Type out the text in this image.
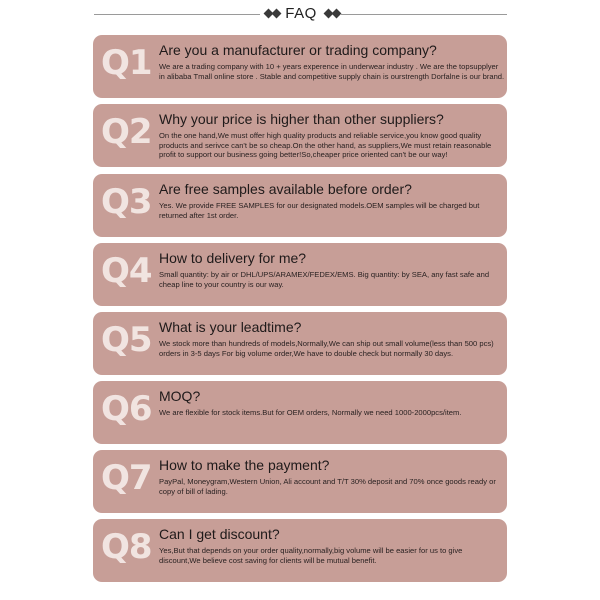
FAQ
Q1 Are you a manufacturer or trading company?
We are a trading company with 10 + years experence in underwear industry . We are the topsupplyer in alibaba Tmall online store . Stable and competitive supply chain is ourstrength Dorfalne is our brand.
Q2 Why your price is higher than other suppliers?
On the one hand,We must offer high quality products and reliable service,you know good quality products and serivce can't be so cheap.On the other hand, as suppliers,We must retain reasonable profit to support our business going better!So,cheaper price oriented can't be our way!
Q3 Are free samples available before order?
Yes. We provide FREE SAMPLES for our designated models.OEM samples will be charged but returned after 1st order.
Q4 How to delivery for me?
Small quantity: by air or DHL/UPS/ARAMEX/FEDEX/EMS. Big quantity: by SEA, any fast safe and cheap line to your country is our way.
Q5 What is your leadtime?
We stock more than hundreds of models,Normally,We can ship out small volume(less than 500 pcs) orders in 3-5 days For big volume order,We have to double check but normally 30 days.
Q6 MOQ?
We are flexible for stock items.But for OEM orders, Normally we need 1000-2000pcs/item.
Q7 How to make the payment?
PayPal, Moneygram,Western Union, Ali account and T/T 30% deposit and 70% once goods ready or copy of bill of lading.
Q8 Can I get discount?
Yes,But that depends on your order quality,normally,big volume will be easier for us to give discount,We believe cost saving for clients will be mutual benefit.
